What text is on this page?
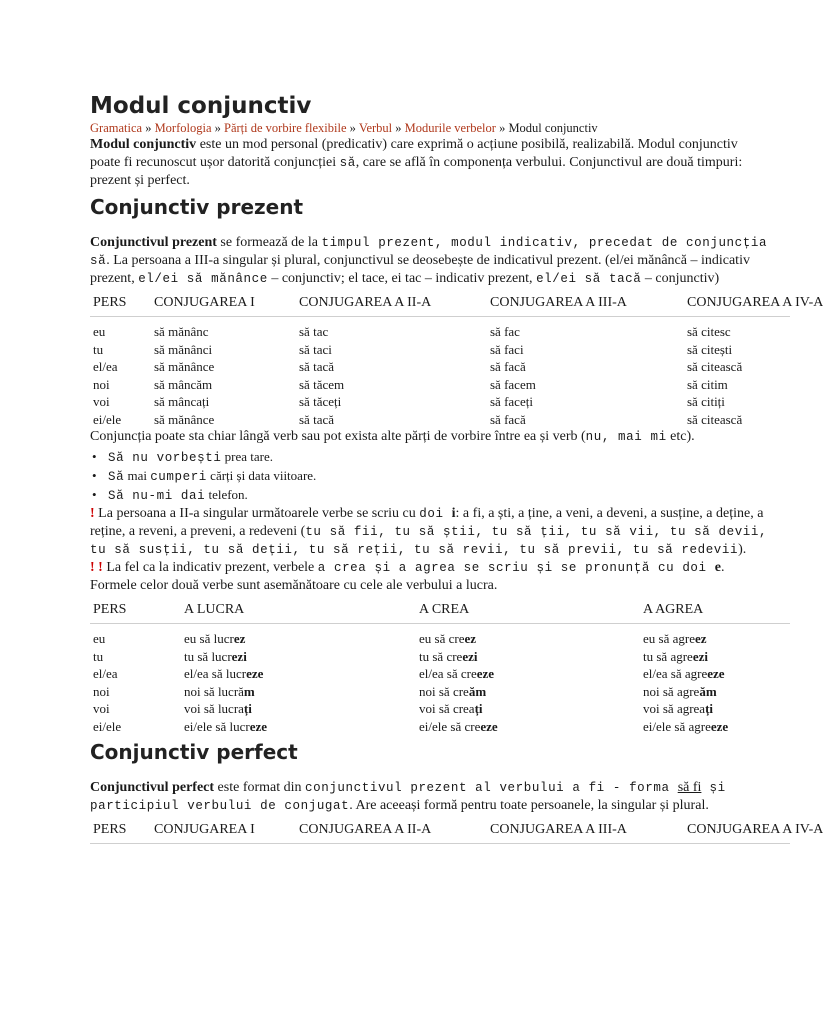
Modul conjunctiv
Gramatica » Morfologia » Părți de vorbire flexibile » Verbul » Modurile verbelor » Modul conjunctiv

Modul conjunctiv este un mod personal (predicativ) care exprimă o acțiune posibilă, realizabilă. Modul conjunctiv poate fi recunoscut ușor datorită conjuncției să, care se află în componența verbului. Conjunctivul are două timpuri: prezent și perfect.

Conjunctiv prezent

Conjunctivul prezent se formează de la timpul prezent, modul indicativ, precedat de conjuncția să. La persoana a III-a singular și plural, conjunctivul se deosebește de indicativul prezent. (el/ei mănâncă – indicativ prezent, el/ei să mănânce – conjunctiv; el tace, ei tac – indicativ prezent, el/ei să tacă – conjunctiv)

PERS	CONJUGAREA I	CONJUGAREA A II-A	CONJUGAREA A III-A	CONJUGAREA A IV-A
eu	să mănânc	să tac	să fac	să citesc
tu	să mănânci	să taci	să faci	să citești
el/ea	să mănânce	să tacă	să facă	să citească
noi	să mâncăm	să tăcem	să facem	să citim
voi	să mâncați	să tăceți	să faceți	să citiți
ei/ele	să mănânce	să tacă	să facă	să citească

Conjuncția poate sta chiar lângă verb sau pot exista alte părți de vorbire între ea și verb (nu, mai mi etc).

• Să nu vorbești prea tare.
• Să mai cumperi cărți și data viitoare.
• Să nu-mi dai telefon.

! La persoana a II-a singular următoarele verbe se scriu cu doi i: a fi, a ști, a ține, a veni, a deveni, a susține, a deține, a reține, a reveni, a preveni, a redeveni (tu să fii, tu să știi, tu să ții, tu să vii, tu să devii, tu să susții, tu să deții, tu să reții, tu să revii, tu să previi, tu să redevii).

! ! La fel ca la indicativ prezent, verbele a crea și a agrea se scriu și se pronunță cu doi e. Formele celor două verbe sunt asemănătoare cu cele ale verbului a lucra.

PERS	A LUCRA	A CREA	A AGREA
eu	eu să lucrez	eu să creez	eu să agreez
tu	tu să lucrezi	tu să creezi	tu să agreezi
el/ea	el/ea să lucreze	el/ea să creeze	el/ea să agreeze
noi	noi să lucrăm	noi să creăm	noi să agreăm
voi	voi să lucrați	voi să creați	voi să agreați
ei/ele	ei/ele să lucreze	ei/ele să creeze	ei/ele să agreeze
Conjunctiv perfect

Conjunctivul perfect este format din conjunctivul prezent al verbului a fi - forma să fi și participiul verbului de conjugat. Are aceeași formă pentru toate persoanele, la singular și plural.

PERS	CONJUGAREA I	CONJUGAREA A II-A	CONJUGAREA A III-A	CONJUGAREA A IV-A
